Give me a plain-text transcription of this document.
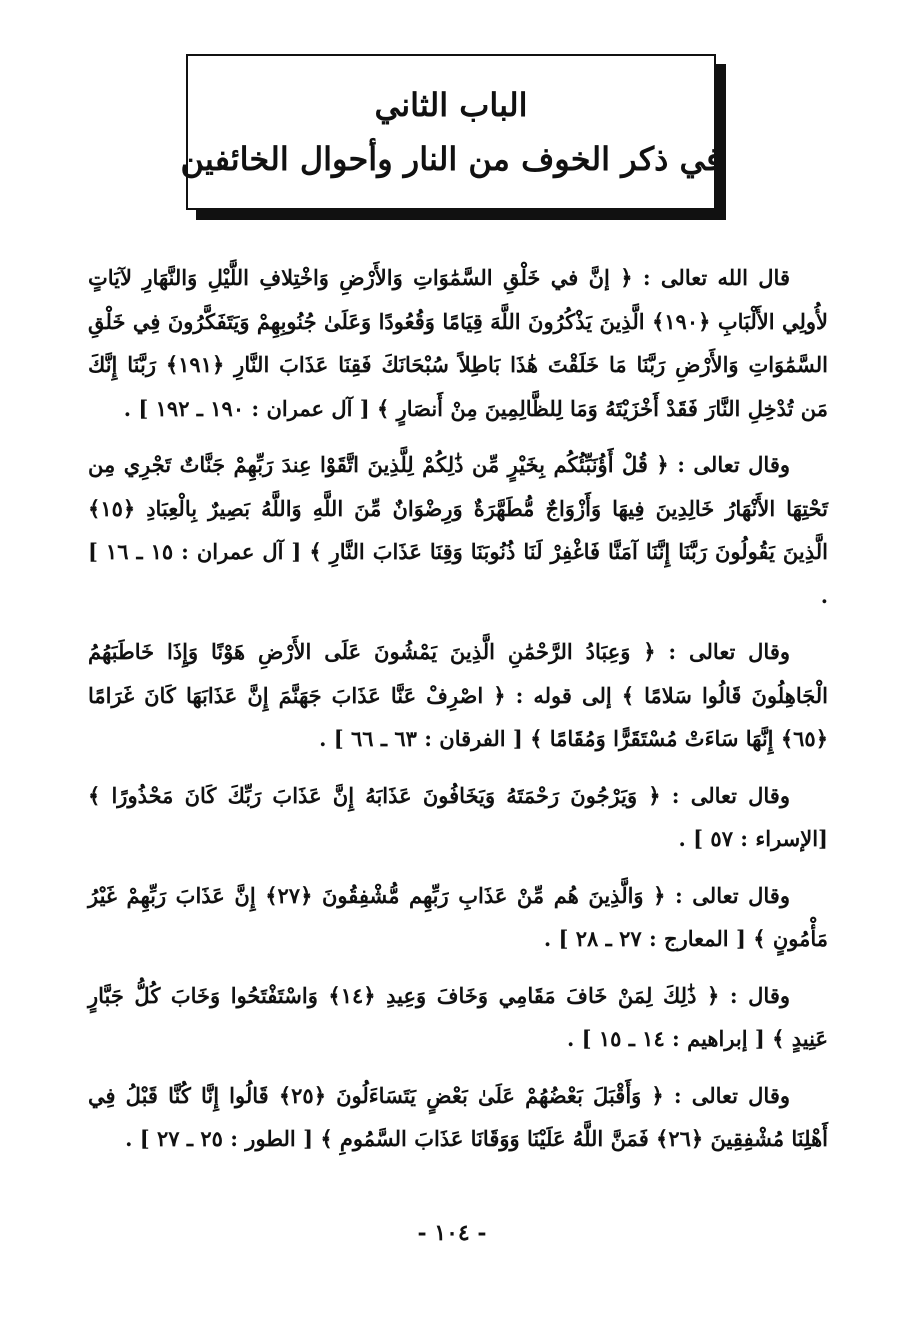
الباب الثاني
في ذكر الخوف من النار وأحوال الخائفين

قال الله تعالى : ﴿ إنَّ في خَلْقِ السَّمَٰوَاتِ وَالأَرْضِ وَاخْتِلافِ اللَّيْلِ وَالنَّهَارِ لآيَاتٍ لأُولِي الأَلْبَابِ ﴿١٩٠﴾ الَّذِينَ يَذْكُرُونَ اللَّهَ قِيَامًا وَقُعُودًا وَعَلَىٰ جُنُوبِهِمْ وَيَتَفَكَّرُونَ فِي خَلْقِ السَّمَٰوَاتِ وَالأَرْضِ رَبَّنَا مَا خَلَقْتَ هَٰذَا بَاطِلاً سُبْحَانَكَ فَقِنَا عَذَابَ النَّارِ ﴿١٩١﴾ رَبَّنَا إِنَّكَ مَن تُدْخِلِ النَّارَ فَقَدْ أَخْزَيْتَهُ وَمَا لِلظَّالِمِينَ مِنْ أَنصَارٍ ﴾ [ آل عمران : ١٩٠ ـ ١٩٢ ] .

وقال تعالى : ﴿ قُلْ أَؤُنَبِّئُكُم بِخَيْرٍ مِّن ذَٰلِكُمْ لِلَّذِينَ اتَّقَوْا عِندَ رَبِّهِمْ جَنَّاتٌ تَجْرِي مِن تَحْتِهَا الأَنْهَارُ خَالِدِينَ فِيهَا وَأَزْوَاجٌ مُّطَهَّرَةٌ وَرِضْوَانٌ مِّنَ اللَّهِ وَاللَّهُ بَصِيرٌ بِالْعِبَادِ ﴿١٥﴾ الَّذِينَ يَقُولُونَ رَبَّنَا إِنَّنَا آمَنَّا فَاغْفِرْ لَنَا ذُنُوبَنَا وَقِنَا عَذَابَ النَّارِ ﴾ [ آل عمران : ١٥ ـ ١٦ ] .

وقال تعالى : ﴿ وَعِبَادُ الرَّحْمَٰنِ الَّذِينَ يَمْشُونَ عَلَى الأَرْضِ هَوْنًا وَإِذَا خَاطَبَهُمُ الْجَاهِلُونَ قَالُوا سَلامًا ﴾ إلى قوله : ﴿ اصْرِفْ عَنَّا عَذَابَ جَهَنَّمَ إِنَّ عَذَابَهَا كَانَ غَرَامًا ﴿٦٥﴾ إِنَّهَا سَاءَتْ مُسْتَقَرًّا وَمُقَامًا ﴾ [ الفرقان : ٦٣ ـ ٦٦ ] .

وقال تعالى : ﴿ وَيَرْجُونَ رَحْمَتَهُ وَيَخَافُونَ عَذَابَهُ إِنَّ عَذَابَ رَبِّكَ كَانَ مَحْذُورًا ﴾ [الإسراء : ٥٧ ] .

وقال تعالى : ﴿ وَالَّذِينَ هُم مِّنْ عَذَابِ رَبِّهِم مُّشْفِقُونَ ﴿٢٧﴾ إِنَّ عَذَابَ رَبِّهِمْ غَيْرُ مَأْمُونٍ ﴾ [ المعارج : ٢٧ ـ ٢٨ ] .

وقال : ﴿ ذَٰلِكَ لِمَنْ خَافَ مَقَامِي وَخَافَ وَعِيدِ ﴿١٤﴾ وَاسْتَفْتَحُوا وَخَابَ كُلُّ جَبَّارٍ عَنِيدٍ ﴾ [ إبراهيم : ١٤ ـ ١٥ ] .

وقال تعالى : ﴿ وَأَقْبَلَ بَعْضُهُمْ عَلَىٰ بَعْضٍ يَتَسَاءَلُونَ ﴿٢٥﴾ قَالُوا إِنَّا كُنَّا قَبْلُ فِي أَهْلِنَا مُشْفِقِينَ ﴿٢٦﴾ فَمَنَّ اللَّهُ عَلَيْنَا وَوَقَانَا عَذَابَ السَّمُومِ ﴾ [ الطور : ٢٥ ـ ٢٧ ] .

- ١٠٤ -
